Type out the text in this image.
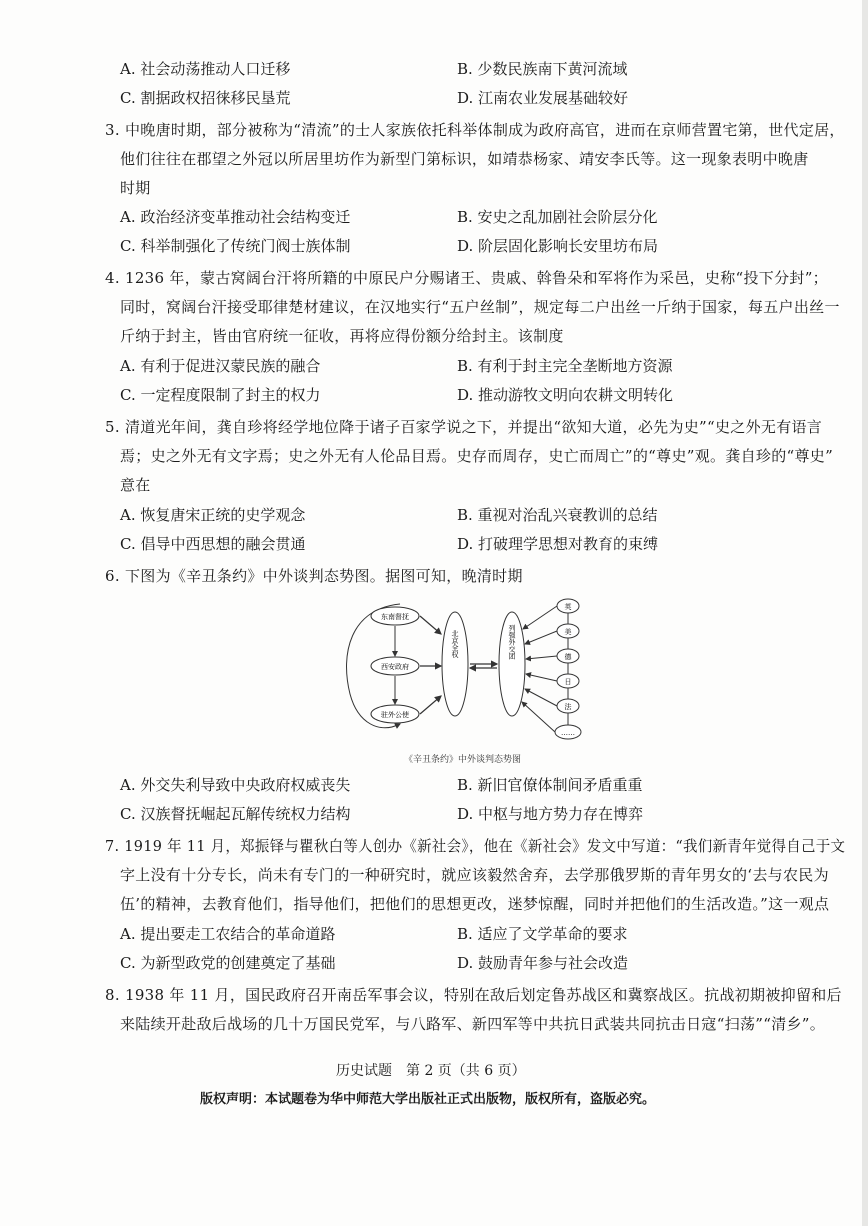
A. 社会动荡推动人口迁移	B. 少数民族南下黄河流域
C. 割据政权招徕移民垦荒	D. 江南农业发展基础较好
3. 中晚唐时期，部分被称为“清流”的士人家族依托科举体制成为政府高官，进而在京师营置宅第，世代定居，
他们往往在郡望之外冠以所居里坊作为新型门第标识，如靖恭杨家、靖安李氏等。这一现象表明中晚唐
时期
A. 政治经济变革推动社会结构变迁	B. 安史之乱加剧社会阶层分化
C. 科举制强化了传统门阀士族体制	D. 阶层固化影响长安里坊布局
4. 1236 年，蒙古窝阔台汗将所籍的中原民户分赐诸王、贵戚、斡鲁朵和军将作为采邑，史称“投下分封”；
同时，窝阔台汗接受耶律楚材建议，在汉地实行“五户丝制”，规定每二户出丝一斤纳于国家，每五户出丝一
斤纳于封主，皆由官府统一征收，再将应得份额分给封主。该制度
A. 有利于促进汉蒙民族的融合	B. 有利于封主完全垄断地方资源
C. 一定程度限制了封主的权力	D. 推动游牧文明向农耕文明转化
5. 清道光年间，龚自珍将经学地位降于诸子百家学说之下，并提出“欲知大道，必先为史”“史之外无有语言
焉；史之外无有文字焉；史之外无有人伦品目焉。史存而周存，史亡而周亡”的“尊史”观。龚自珍的“尊史”
意在
A. 恢复唐宋正统的史学观念	B. 重视对治乱兴衰教训的总结
C. 倡导中西思想的融会贯通	D. 打破理学思想对教育的束缚
6. 下图为《辛丑条约》中外谈判态势图。据图可知，晚清时期
东南督抚
西安政府
驻外公使
北京全权	列强外交团
英
美
德
日
法
……
《辛丑条约》中外谈判态势图
A. 外交失利导致中央政府权威丧失	B. 新旧官僚体制间矛盾重重
C. 汉族督抚崛起瓦解传统权力结构	D. 中枢与地方势力存在博弈
7. 1919 年 11 月，郑振铎与瞿秋白等人创办《新社会》，他在《新社会》发文中写道：“我们新青年觉得自己于文
字上没有十分专长，尚未有专门的一种研究时，就应该毅然舍弃，去学那俄罗斯的青年男女的‘去与农民为
伍’的精神，去教育他们，指导他们，把他们的思想更改，迷梦惊醒，同时并把他们的生活改造。”这一观点
A. 提出要走工农结合的革命道路	B. 适应了文学革命的要求
C. 为新型政党的创建奠定了基础	D. 鼓励青年参与社会改造
8. 1938 年 11 月，国民政府召开南岳军事会议，特别在敌后划定鲁苏战区和冀察战区。抗战初期被抑留和后
来陆续开赴敌后战场的几十万国民党军，与八路军、新四军等中共抗日武装共同抗击日寇“扫荡”“清乡”。
历史试题　第 2 页（共 6 页）
版权声明：本试题卷为华中师范大学出版社正式出版物，版权所有，盗版必究。
